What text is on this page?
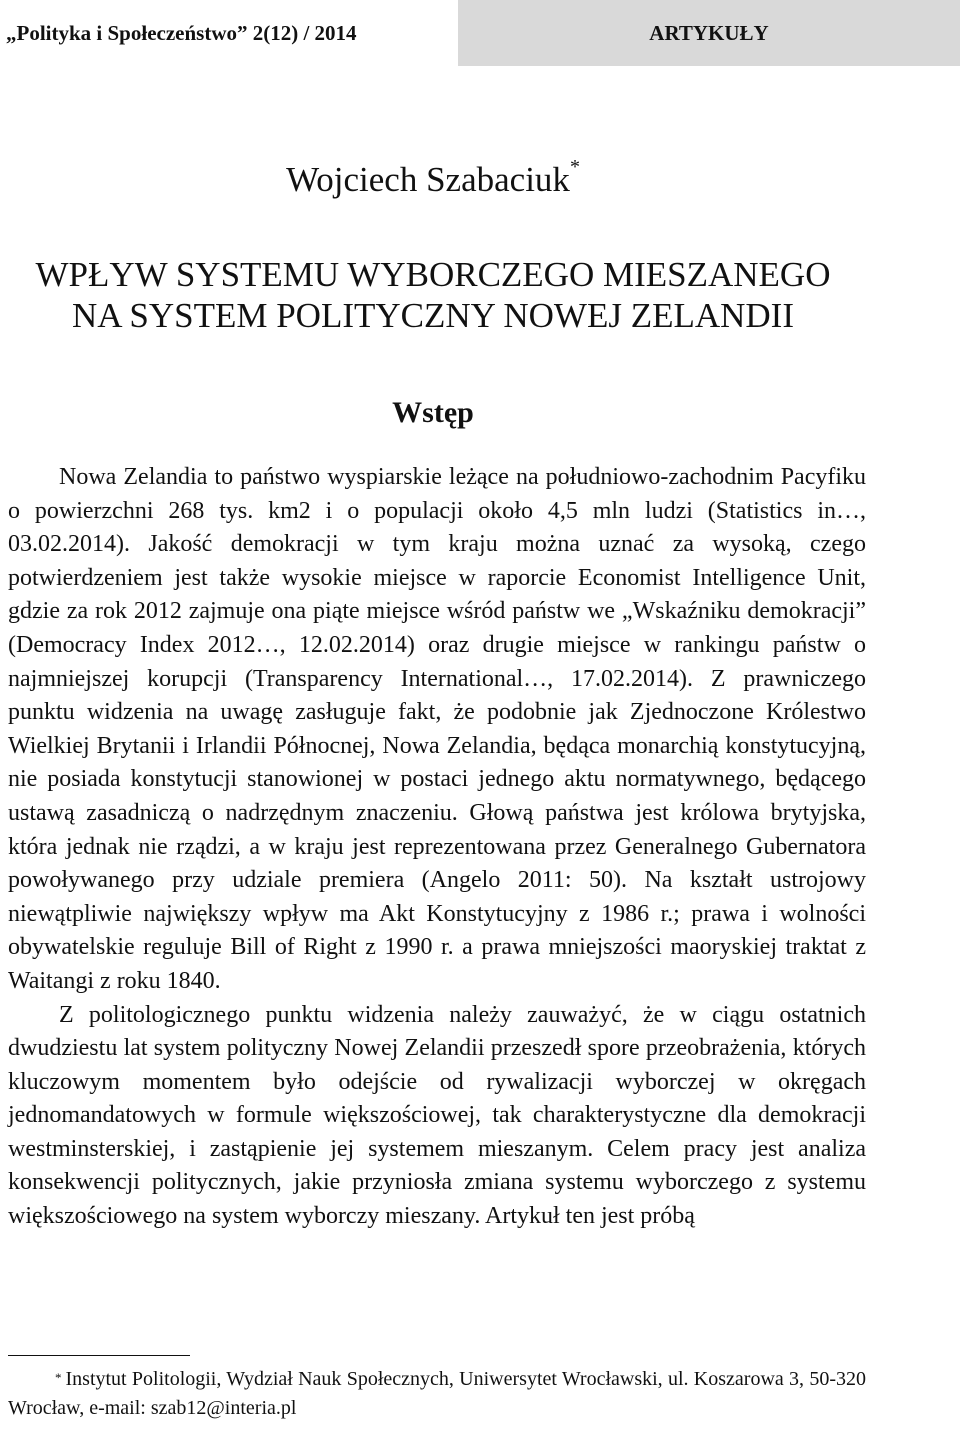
„Polityka i Społeczeństwo” 2(12) / 2014	ARTYKUŁY
Wojciech Szabaciuk*
WPŁYW SYSTEMU WYBORCZEGO MIESZANEGO
NA SYSTEM POLITYCZNY NOWEJ ZELANDII
Wstęp

Nowa Zelandia to państwo wyspiarskie leżące na południowo-zachodnim Pacyfiku o powierzchni 268 tys. km2 i o populacji około 4,5 mln ludzi (Statistics in…, 03.02.2014). Jakość demokracji w tym kraju można uznać za wysoką, czego potwierdzeniem jest także wysokie miejsce w raporcie Economist Intelligence Unit, gdzie za rok 2012 zajmuje ona piąte miejsce wśród państw we „Wskaźniku demokracji” (Democracy Index 2012…, 12.02.2014) oraz drugie miejsce w rankingu państw o najmniejszej korupcji (Transparency International…, 17.02.2014). Z prawniczego punktu widzenia na uwagę zasługuje fakt, że podobnie jak Zjednoczone Królestwo Wielkiej Brytanii i Irlandii Północnej, Nowa Zelandia, będąca monarchią konstytucyjną, nie posiada konstytucji stanowionej w postaci jednego aktu normatywnego, będącego ustawą zasadniczą o nadrzędnym znaczeniu. Głową państwa jest królowa brytyjska, która jednak nie rządzi, a w kraju jest reprezentowana przez Generalnego Gubernatora powoływanego przy udziale premiera (Angelo 2011: 50). Na kształt ustrojowy niewątpliwie największy wpływ ma Akt Konstytucyjny z 1986 r.; prawa i wolności obywatelskie reguluje Bill of Right z 1990 r. a prawa mniejszości maoryskiej traktat z Waitangi z roku 1840.

Z politologicznego punktu widzenia należy zauważyć, że w ciągu ostatnich dwudziestu lat system polityczny Nowej Zelandii przeszedł spore przeobrażenia, których kluczowym momentem było odejście od rywalizacji wyborczej w okręgach jednomandatowych w formule większościowej, tak charakterystyczne dla demokracji westminsterskiej, i zastąpienie jej systemem mieszanym. Celem pracy jest analiza konsekwencji politycznych, jakie przyniosła zmiana systemu wyborczego z systemu większościowego na system wyborczy mieszany. Artykuł ten jest próbą

* Instytut Politologii, Wydział Nauk Społecznych, Uniwersytet Wrocławski, ul. Koszarowa 3, 50-320 Wrocław, e-mail: szab12@interia.pl
